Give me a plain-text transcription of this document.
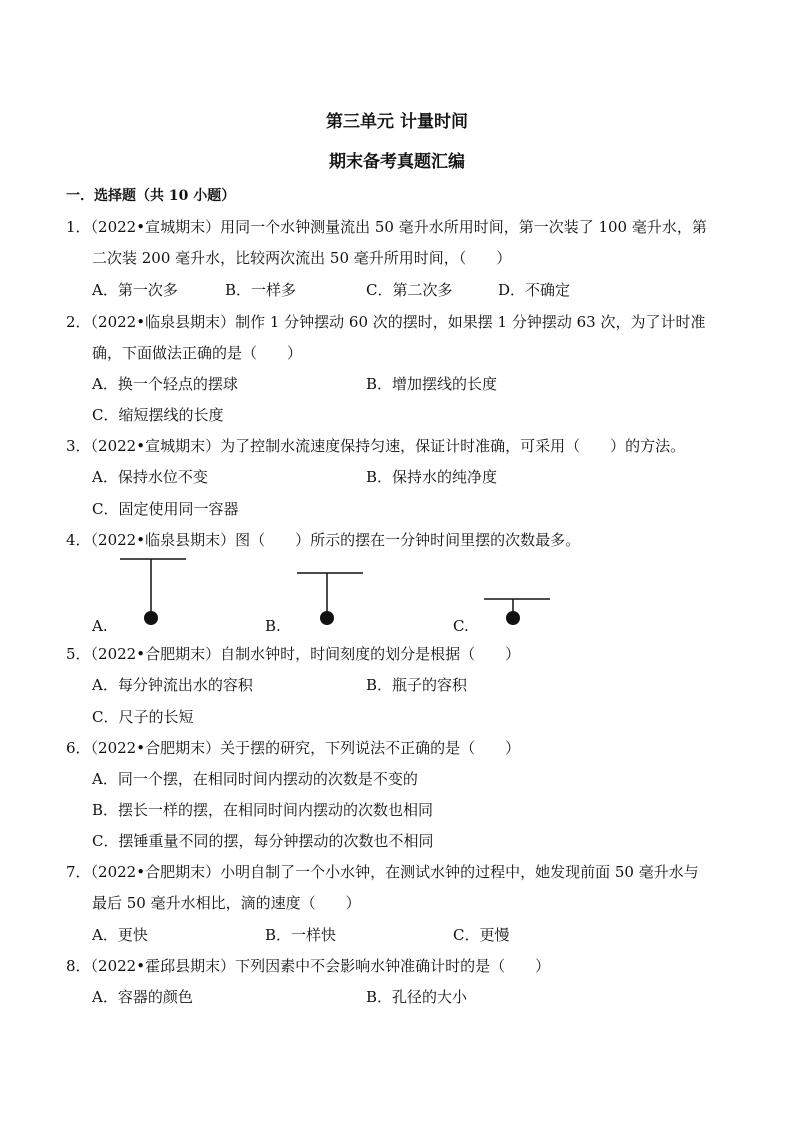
第三单元 计量时间
期末备考真题汇编
一．选择题（共 10 小题）
1．（2022•宣城期末）用同一个水钟测量流出 50 毫升水所用时间，第一次装了 100 毫升水，第
二次装 200 毫升水，比较两次流出 50 毫升所用时间，（　　）
A．第一次多	B．一样多	C．第二次多	D．不确定
2．（2022•临泉县期末）制作 1 分钟摆动 60 次的摆时，如果摆 1 分钟摆动 63 次，为了计时准
确，下面做法正确的是（　　）
A．换一个轻点的摆球	B．增加摆线的长度
C．缩短摆线的长度
3．（2022•宣城期末）为了控制水流速度保持匀速，保证计时准确，可采用（　　）的方法。
A．保持水位不变	B．保持水的纯净度
C．固定使用同一容器
4．（2022•临泉县期末）图（　　）所示的摆在一分钟时间里摆的次数最多。
A.	B.	C.
5．（2022•合肥期末）自制水钟时，时间刻度的划分是根据（　　）
A．每分钟流出水的容积	B．瓶子的容积
C．尺子的长短
6．（2022•合肥期末）关于摆的研究，下列说法不正确的是（　　）
A．同一个摆，在相同时间内摆动的次数是不变的
B．摆长一样的摆，在相同时间内摆动的次数也相同
C．摆锤重量不同的摆，每分钟摆动的次数也不相同
7．（2022•合肥期末）小明自制了一个小水钟，在测试水钟的过程中，她发现前面 50 毫升水与
最后 50 毫升水相比，滴的速度（　　）
A．更快	B．一样快	C．更慢
8．（2022•霍邱县期末）下列因素中不会影响水钟准确计时的是（　　）
A．容器的颜色	B．孔径的大小
